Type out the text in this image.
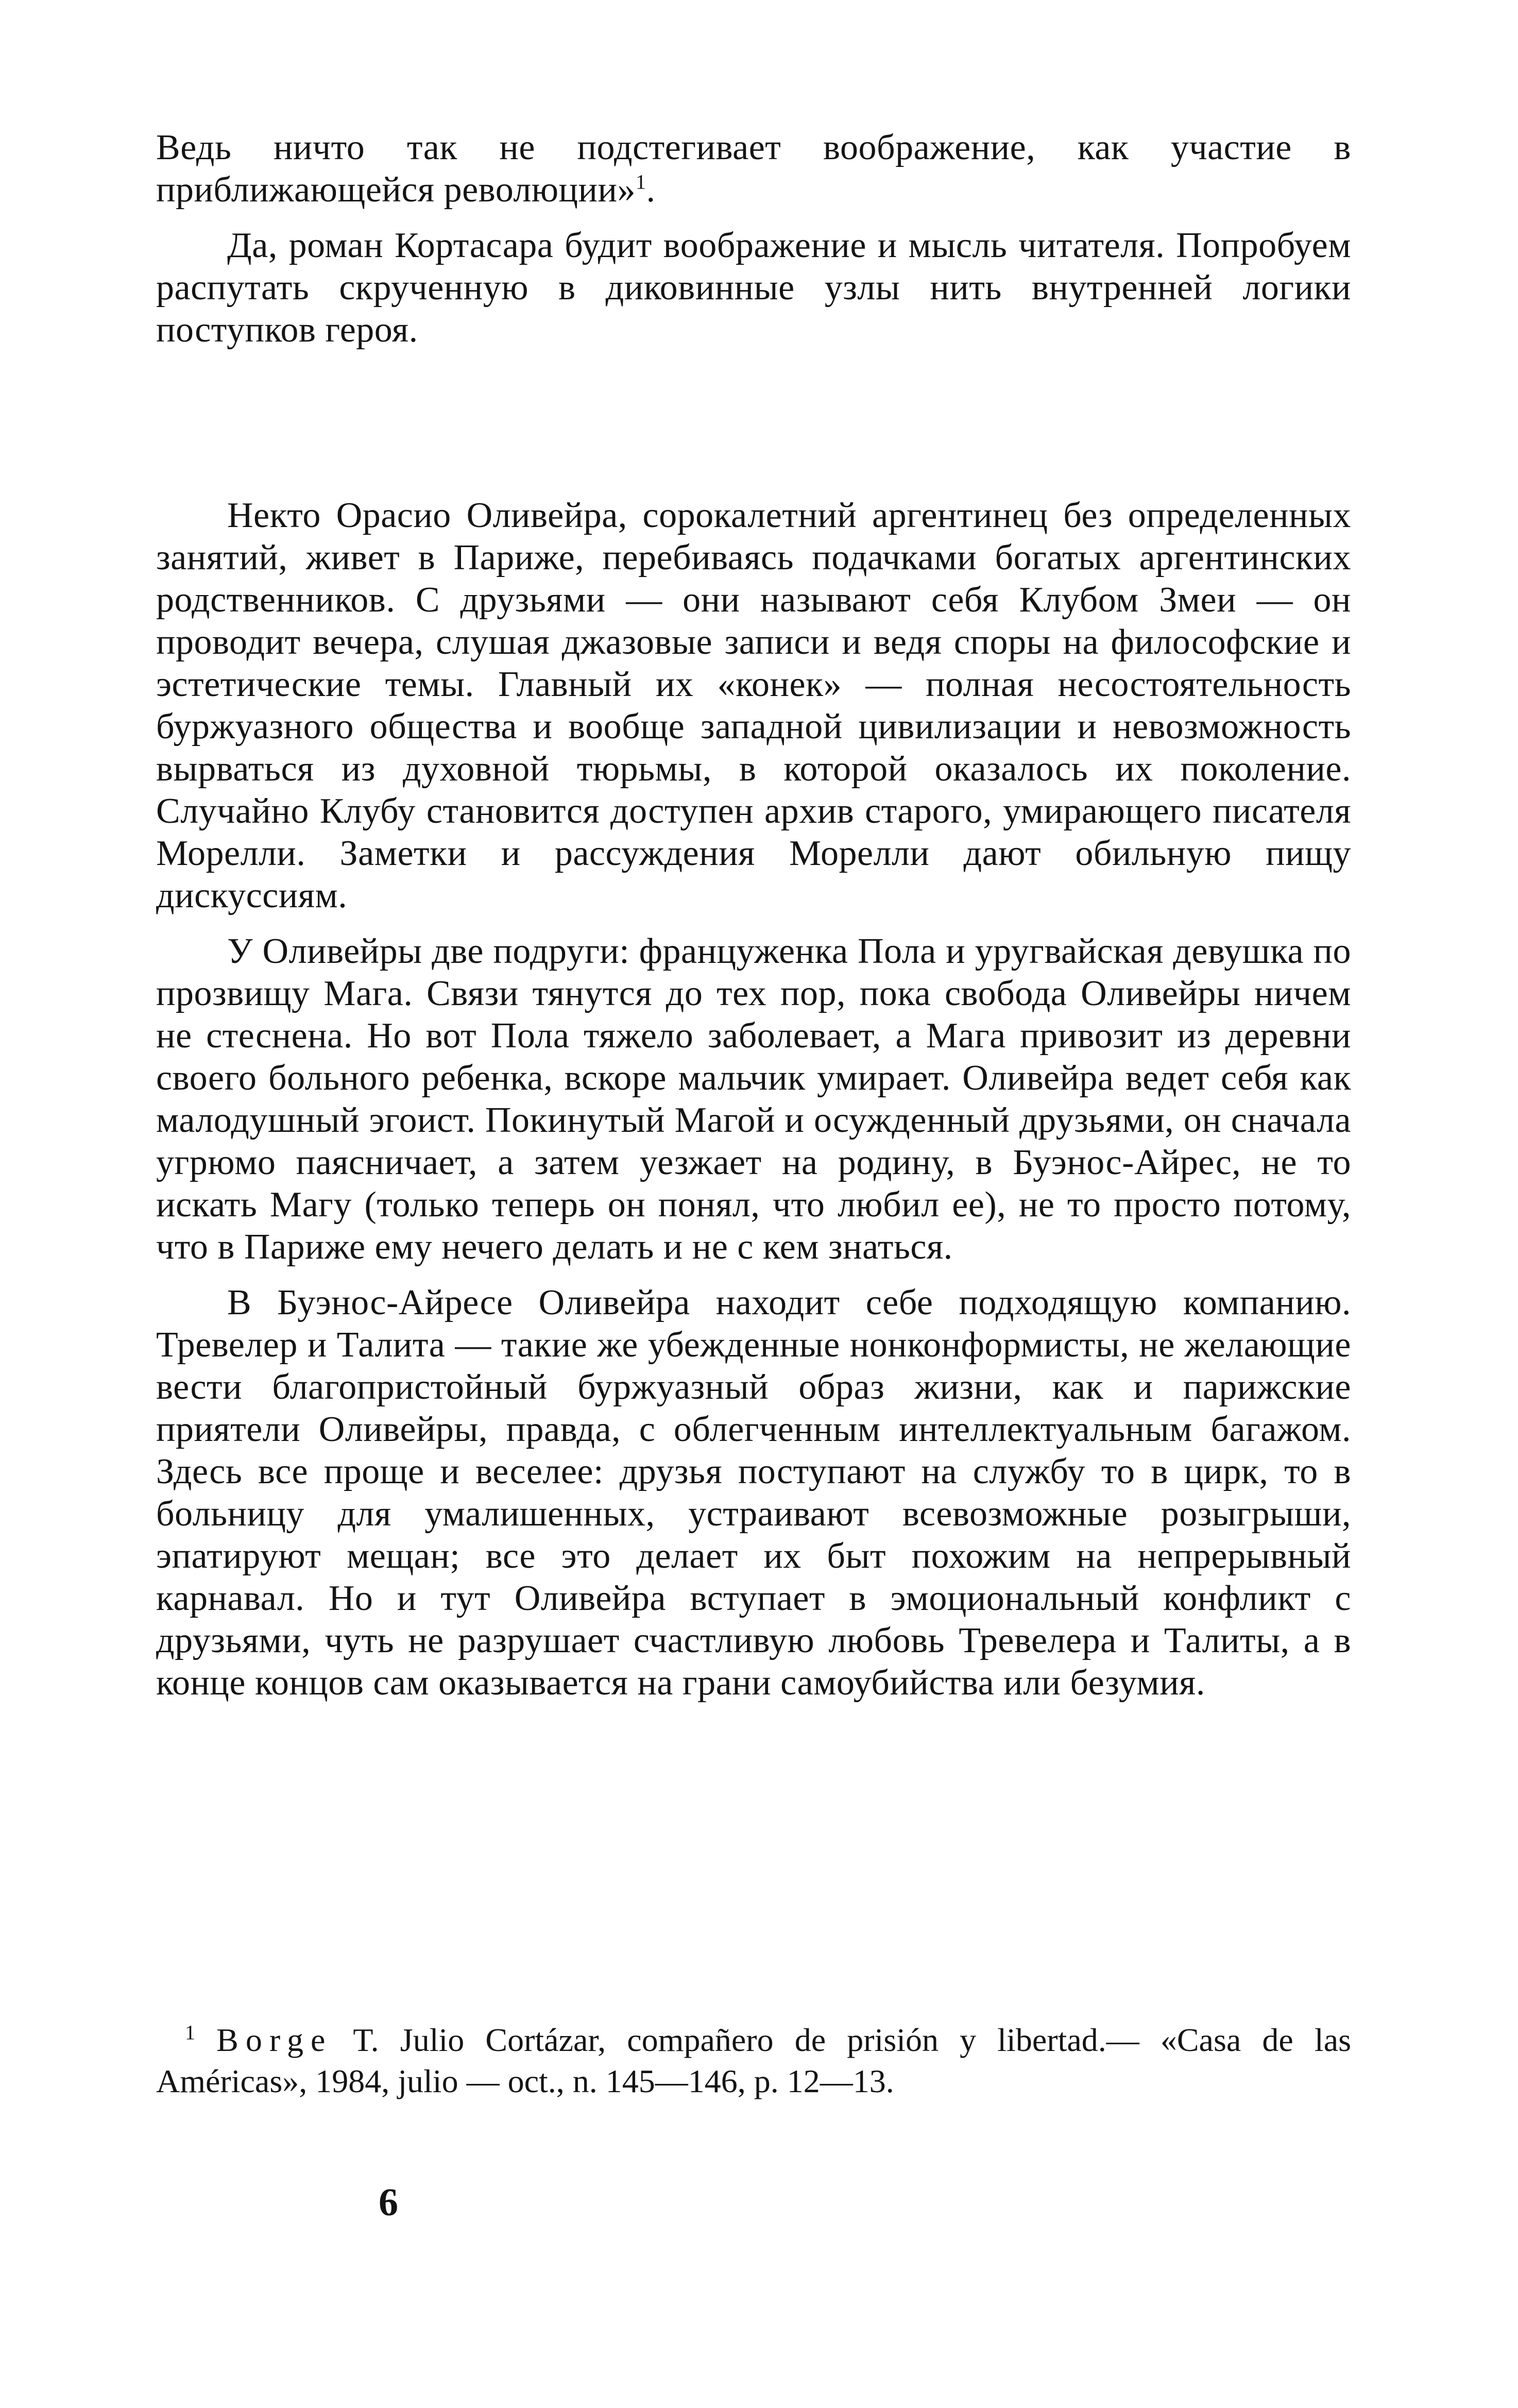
Ведь ничто так не подстегивает воображение, как участие в приближающейся революции»$^1$.

Да, роман Кортасара будит воображение и мысль читателя. Попробуем распутать скрученную в диковинные узлы нить внутренней логики поступков героя.

Некто Орасио Оливейра, сорокалетний аргентинец без определенных занятий, живет в Париже, перебиваясь подачками богатых аргентинских родственников. С друзьями — они называют себя Клубом Змеи — он проводит вечера, слушая джазовые записи и ведя споры на философские и эстетические темы. Главный их «конек» — полная несостоятельность буржуазного общества и вообще западной цивилизации и невозможность вырваться из духовной тюрьмы, в которой оказалось их поколение. Случайно Клубу становится доступен архив старого, умирающего писателя Морелли. Заметки и рассуждения Морелли дают обильную пищу дискуссиям.

У Оливейры две подруги: француженка Пола и уругвайская девушка по прозвищу Мага. Связи тянутся до тех пор, пока свобода Оливейры ничем не стеснена. Но вот Пола тяжело заболевает, а Мага привозит из деревни своего больного ребенка, вскоре мальчик умирает. Оливейра ведет себя как малодушный эгоист. Покинутый Магой и осужденный друзьями, он сначала угрюмо паясничает, а затем уезжает на родину, в Буэнос-Айрес, не то искать Магу (только теперь он понял, что любил ее), не то просто потому, что в Париже ему нечего делать и не с кем знаться.

В Буэнос-Айресе Оливейра находит себе подходящую компанию. Тревелер и Талита — такие же убежденные нонконформисты, не желающие вести благопристойный буржуазный образ жизни, как и парижские приятели Оливейры, правда, с облегченным интеллектуальным багажом. Здесь все проще и веселее: друзья поступают на службу то в цирк, то в больницу для умалишенных, устраивают всевозможные розыгрыши, эпатируют мещан; все это делает их быт похожим на непрерывный карнавал. Но и тут Оливейра вступает в эмоциональный конфликт с друзьями, чуть не разрушает счастливую любовь Тревелера и Талиты, а в конце концов сам оказывается на грани самоубийства или безумия.

$^1$ Borge T. Julio Cortázar, compañero de prisión y libertad.— «Casa de las Américas», 1984, julio — oct., n. 145—146, p. 12—13.

6
